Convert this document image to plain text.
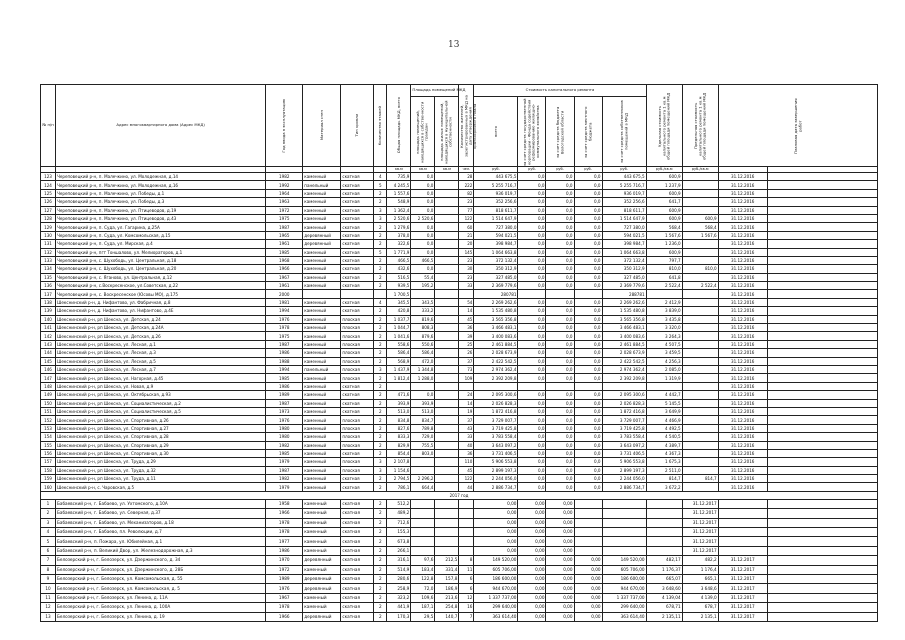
13
№ п/п	Адрес многоквартирного дома (Адрес МКД)	Год ввода в эксплуатацию	Материал стен	Тип кровли	Количество этажей	Общая площадь МКД, всего	Площадь помещений МКД		Количество жителей, зарегистрированных в МКД на дату утверждения краткосрочного плана	Стоимость капитального ремонта					Удельная стоимость капитального ремонта 1 кв.м общей площади помещений МКД	Предельная стоимость капитального ремонта 1 кв.м общей площади помещений МКД	Плановая дата завершения работ	

							площадь помещений, находящихся в собственности граждан	площадь жилых помещений, находящихся в муниципальной собственности		всего	за счет средств государственной корпорации - Фонда содействия реформированию жилищно-коммунального хозяйства	за счет средств бюджета Вологодской области	за счет средств местного бюджета	за счет средств собственников помещений в МКД				

						кв.м	кв.м	кв.м	чел.	руб.	руб.	руб.	руб.	руб.	руб./кв.м	руб./кв.м		
123	Череповецкий р-н, п. Малечкино, ул. Молодежная, д.14	1982	каменный	скатная	4	735,9	0,0		28	443 675,5	0,0	0,0	0,0	443 675,5	600,9		31.12.2016	
124	Череповецкий р-н, п. Малечкино, ул. Молодежная, д.16	1992	панельный	скатная	5	4 245,5	0,0		222	5 255 716,7	0,0	0,0	0,0	5 255 716,7	1 237,9		31.12.2016	
125	Череповецкий р-н, п. Малечкино, ул. Победы, д.1	1964	каменный	скатная	2	1 557,6	0,0		82	936 019,7	0,0	0,0	0,0	936 019,7	600,9		31.12.2016	
126	Череповецкий р-н, п. Малечкино, ул. Победы, д.3	1963	каменный	скатная	2	548,9	0,0		23	352 256,6	0,0	0,0	0,0	352 256,6	641,7		31.12.2016	
127	Череповецкий р-н, п. Малечкино, ул. Птицеводов, д.19	1972	каменный	скатная	3	1 362,4	0,0		77	818 611,7	0,0	0,0	0,0	818 611,7	600,9		31.12.2016	
128	Череповецкий р-н, п. Малечкино, ул. Птицеводов, д.43	1975	каменный	скатная	3	2 520,6	2 520,6		122	1 514 647,9	0,0	0,0	0,0	1 514 647,9	600,9	600,9	31.12.2016	
129	Череповецкий р-н, п. Суда, ул. Гагарина, д.25А	1987	каменный	скатная	2	1 279,6	0,0		60	727 380,0	0,0	0,0	0,0	727 380,0	568,4	568,4	31.12.2016	
130	Череповецкий р-н, п. Суда, ул. Комсомольская, д.15	1965	деревянный	скатная	2	378,0	0,0		21	594 021,5	0,0	0,0	0,0	594 021,5	1 567,6	1 567,6	31.12.2016	
131	Череповецкий р-н, п. Суда, ул. Мирская, д.4	1961	деревянный	скатная	2	322,6	0,0		20	398 984,7	0,0	0,0	0,0	398 984,7	1 236,0		31.12.2016	
132	Череповецкий р-н, пгт Тоншалово, ул. Мелиораторов, д.1	1985	каменный	скатная	5	1 771,9	0,0		145	1 064 663,8	0,0	0,0	0,0	1 064 663,8	600,9		31.12.2016	
133	Череповецкий р-н, с. Шухободь, ул. Центральная, д.18	1968	каменный	скатная	2	466,5	466,5		23	372 132,4	0,0	0,0	0,0	372 132,4	797,7		31.12.2016	
134	Череповецкий р-н, с. Шухободь, ул. Центральная, д.20	1966	каменный	скатная	2	432,6	0,0		30	350 312,9	0,0	0,0	0,0	350 312,9	810,0	810,0	31.12.2016	
135	Череповецкий р-н, с. Яганово, ул. Центральная, д.12	1967	каменный	скатная	2	516,5	55,4		23	327 485,0	0,0	0,0	0,0	327 485,0	641,8		31.12.2016	
136	Череповецкий р-н, с.Воскресенское, ул.Советская, д.22	1961	каменный	скатная	2	939,5	195,2		33	2 369 779,6	0,0	0,0	0,0	2 369 779,6	2 522,4	2 522,4	31.12.2016	
137	Череповецкий р-н, с. Воскресенское (Юсовы МО), д.175	2000				1 700,5				280781				288781			31.12.2016	
138	Шекснинский р-н, д. Нифантово, ул. Фабричная, д.8	1981	каменный	скатная	4	345,5	343,5		54	2 269 262,6	0,0	0,0	0,0	2 269 262,6	2 412,9		31.12.2016	
139	Шекснинский р-н, д. Нифантово, ул. Нифантово, д.4Е	1994	каменный	скатная	2	420,8	333,2		14	1 535 480,8	0,0	0,0	0,0	1 535 480,8	3 839,0		31.12.2016	
140	Шекснинский р-н, рп Шексна, ул. Детская, д.24	1976	каменный	плоская	2	1 037,7	819,6		45	3 565 356,8	0,0	0,0	0,0	3 565 356,8	3 435,8		31.12.2016	
141	Шекснинский р-н, рп Шексна, ул. Детская, д.24А	1978	каменный	плоская	2	1 044,7	808,3		36	3 466 483,1	0,0	0,0	0,0	3 466 483,1	3 320,0		31.12.2016	
142	Шекснинский р-н, рп Шексна, ул. Детская, д.26	1975	каменный	плоская	2	1 041,6	879,6		39	3 400 083,6	0,0	0,0	0,0	3 400 083,6	3 264,3		31.12.2016	
143	Шекснинский р-н, рп Шексна, ул. Лесная, д.1	1987	каменный	плоская	2	558,6	550,6		25	2 461 884,5	0,0	0,0	0,0	2 461 884,5	4 507,5		31.12.2016	
144	Шекснинский р-н, рп Шексна, ул. Лесная, д.3	1986	каменный	плоская	2	586,4	586,4		26	2 028 673,9	0,0	0,0	0,0	2 028 673,9	3 459,5		31.12.2016	
145	Шекснинский р-н, рп Шексна, ул. Лесная, д.5	1988	каменный	плоская	2	568,9	472,0		37	2 422 542,5	0,0	0,0	0,0	2 422 542,5	4 256,3		31.12.2016	
146	Шекснинский р-н, рп Шексна, ул. Лесная, д.7	1994	панельный	плоская	3	1 437,9	1 344,8		73	2 974 362,4	0,0	0,0	0,0	2 974 362,4	2 085,0		31.12.2016	
147	Шекснинский р-н, рп Шексна, ул. Нагорная, д.45	1985	каменный	плоская	2	1 812,4	1 288,0		109	2 392 209,8	0,0	0,0	0,0	2 392 209,8	1 319,9		31.12.2016	
148	Шекснинский р-н, рп Шексна, ул. Новая, д.9	1986	каменный	скатная	2												31.12.2016	
149	Шекснинский р-н, рп Шексна, ул. Октябрьская, д.93	1989	каменный	скатная	2	471,6	0,0		24	2 095 300,6	0,0	0,0	0,0	2 095 300,6	4 442,7		31.12.2016	
150	Шекснинский р-н, рп Шексна, ул. Социалистическая, д.2	1987	каменный	скатная	2	393,9	393,9		14	2 026 828,3	0,0	0,0	0,0	2 026 828,3	5 145,5		31.12.2016	
151	Шекснинский р-н, рп Шексна, ул. Социалистическая, д.5	1973	каменный	скатная	2	513,0	513,0		19	1 872 416,8	0,0	0,0	0,0	1 872 416,8	3 649,9		31.12.2016	
152	Шекснинский р-н, рп Шексна, ул. Спортивная, д.26	1976	каменный	плоская	2	834,8	834,7		37	3 729 007,7	0,0	0,0	0,0	3 729 007,7	4 466,9		31.12.2016	
153	Шекснинский р-н, рп Шексна, ул. Спортивная, д.27	1980	каменный	плоская	2	827,6	789,8		43	3 719 425,8	0,0	0,0	0,0	3 719 425,8	4 492,5		31.12.2016	
154	Шекснинский р-н, рп Шексна, ул. Спортивная, д.28	1980	каменный	плоская	2	833,3	729,0		33	3 783 558,4	0,0	0,0	0,0	3 783 558,4	4 540,5		31.12.2016	
155	Шекснинский р-н, рп Шексна, ул. Спортивная, д.29	1982	каменный	плоская	2	829,9	755,5		40	3 643 097,2	0,0	0,0	0,0	3 643 097,2	4 389,7		31.12.2016	
156	Шекснинский р-н, рп Шексна, ул. Спортивная, д.30	1985	каменный	скатная	2	854,4	803,0		36	3 731 406,5	0,0	0,0	0,0	3 731 406,5	4 367,3		31.12.2016	
157	Шекснинский р-н, рп Шексна, ул. Труда, д.29	1979	каменный	плоская	3	2 107,8			110	5 906 553,8	0,0	0,0	0,0	5 906 553,8	1 675,3		31.12.2016	
158	Шекснинский р-н, рп Шексна, ул. Труда, д.32	1987	каменный	плоская	3	1 154,6			45	2 899 197,3	0,0	0,0	0,0	2 899 197,3	2 511,0		31.12.2016	
159	Шекснинский р-н, рп Шексна, ул. Труда, д.11	1982	каменный	скатная	2	2 794,5	2 296,2		122	2 244 056,0	0,0	0,0	0,0	2 244 056,0	814,7	814,7	31.12.2016	
160	Шекснинский р-н, с. Чаровская, д.5	1979	каменный	скатная	2	786,1	664,4		44	2 886 734,7	0,0	0,0	0,0	2 886 734,7	3 672,2		31.12.2016	
2017 год																		
1	Бабаевский р-н, г. Бабаево, ул. Ухтомского, д.10А	1958	каменный	скатная	2	512,2				0,00	0,00	0,00				31.12.2017		
2	Бабаевский р-н, г. Бабаево, ул. Северная, д.37	1966	каменный	скатная	2	489,2				0,00	0,00	0,00				31.12.2017		
3	Бабаевский р-н, г. Бабаево, ул. Механизаторов, д.18	1978	каменный	скатная	2	712,6				0,00	0,00	0,00				31.12.2017		
4	Бабаевский р-н, г. Бабаево, пл. Революции, д.7	1978	каменный	скатная	2	155,3				0,00	0,00	0,00				31.12.2017		
5	Бабаевский р-н, п. Пожара, ул. Юбилейная, д.1	1977	каменный	скатная	2	673,8				0,00	0,00	0,00				31.12.2017		
6	Бабаевский р-н, п. Великий Двор, ул. Железнодорожная, д.3	1986	каменный	скатная	2	266,1				0,00	0,00	0,00				31.12.2017		
7	Белозерский р-н, г. Белозерск, ул. Дзержинского, д. 34	1970	деревянный	скатная	2	316,1	97,6	212,5	8	149 520,00	0,00	0,00	0,00	149 520,00	482,17	482,2	31.12.2017	
8	Белозерский р-н, г. Белозерск, ул. Дзержинского, д. 28Б	1972	каменный	скатная	2	514,9	183,4	331,4	11	605 706,00	0,00	0,00	0,00	605 706,00	1 176,37	1 176,4	31.12.2017	
9	Белозерский р-н, г. Белозерск, ул. Комсомольская, д. 55	1989	деревянный	скатная	2	280,6	122,8	157,8	6	186 600,00	0,00	0,00	0,00	186 600,00	665,07	665,1	31.12.2017	
10	Белозерский р-н, г. Белозерск, ул. Комсомольская, д. 5	1976	деревянный	скатная	2	258,9	72,0	186,9	6	944 670,00	0,00	0,00	0,00	944 670,00	3 648,60	3 648,6	31.12.2017	
11	Белозерский р-н, г. Белозерск, ул. Ленина, д. 11А	1967	каменный	скатная	2	323,2	109,6	213,6	12	1 337 737,00	0,00	0,00	0,00	1 337 737,00	4 139,04	4 139,0	31.12.2017	
12	Белозерский р-н, г. Белозерск, ул. Ленина, д. 100А	1978	каменный	скатная	2	441,9	187,1	254,8	16	299 640,00	0,00	0,00	0,00	299 640,00	678,71	678,7	31.12.2017	
13	Белозерский р-н, г. Белозерск, ул. Ленина, д. 19	1966	деревянный	скатная	2	170,3	29,5	140,7	7	363 614,40	0,00	0,00	0,00	363 614,40	2 135,11	2 135,1	31.12.2017	
